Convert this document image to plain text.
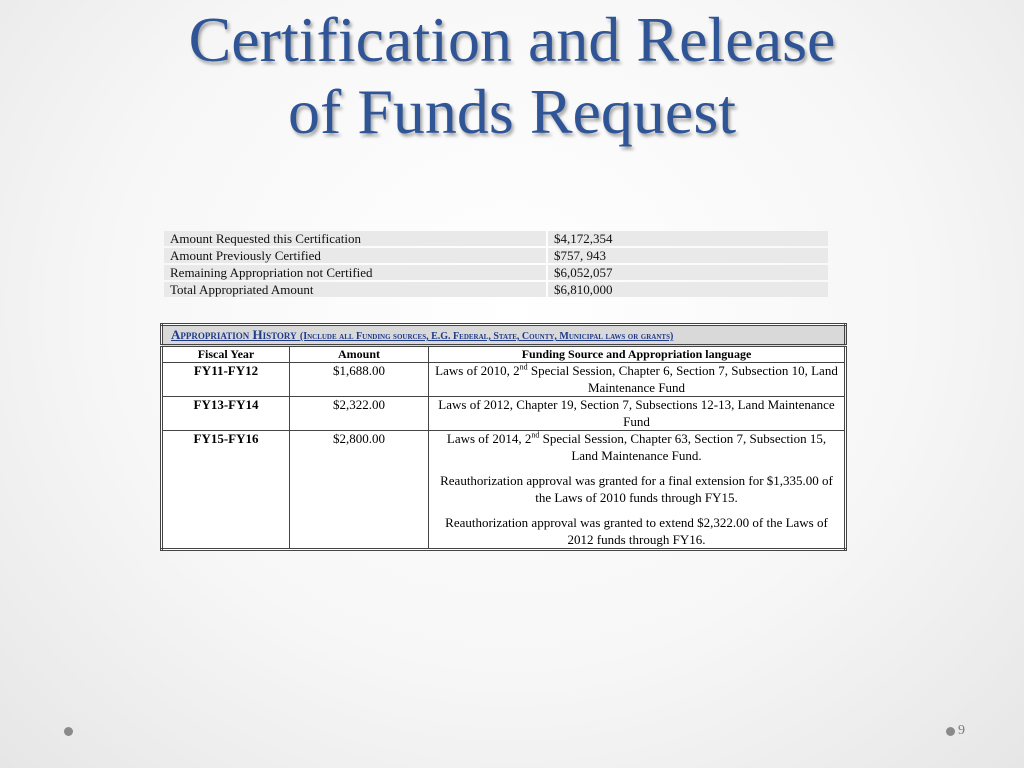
Certification and Release
of Funds Request
Amount Requested this Certification	$4,172,354
Amount Previously Certified	$757, 943
Remaining Appropriation not Certified	$6,052,057
Total Appropriated Amount	$6,810,000
Appropriation History (Include all Funding sources, E.G. Federal, State, County, Municipal laws or grants)		
Fiscal Year	Amount	Funding Source and Appropriation language
FY11-FY12	$1,688.00	Laws of 2010, 2nd Special Session, Chapter 6, Section 7, Subsection 10, Land Maintenance Fund

FY13-FY14	$2,322.00	Laws of 2012, Chapter 19, Section 7, Subsections 12-13, Land Maintenance Fund

FY15-FY16	$2,800.00	Laws of 2014, 2nd Special Session, Chapter 63, Section 7, Subsection 15, Land Maintenance Fund.

Reauthorization approval was granted for a final extension for $1,335.00 of the Laws of 2010 funds through FY15.

Reauthorization approval was granted to extend $2,322.00 of the Laws of 2012 funds through FY16.

9
